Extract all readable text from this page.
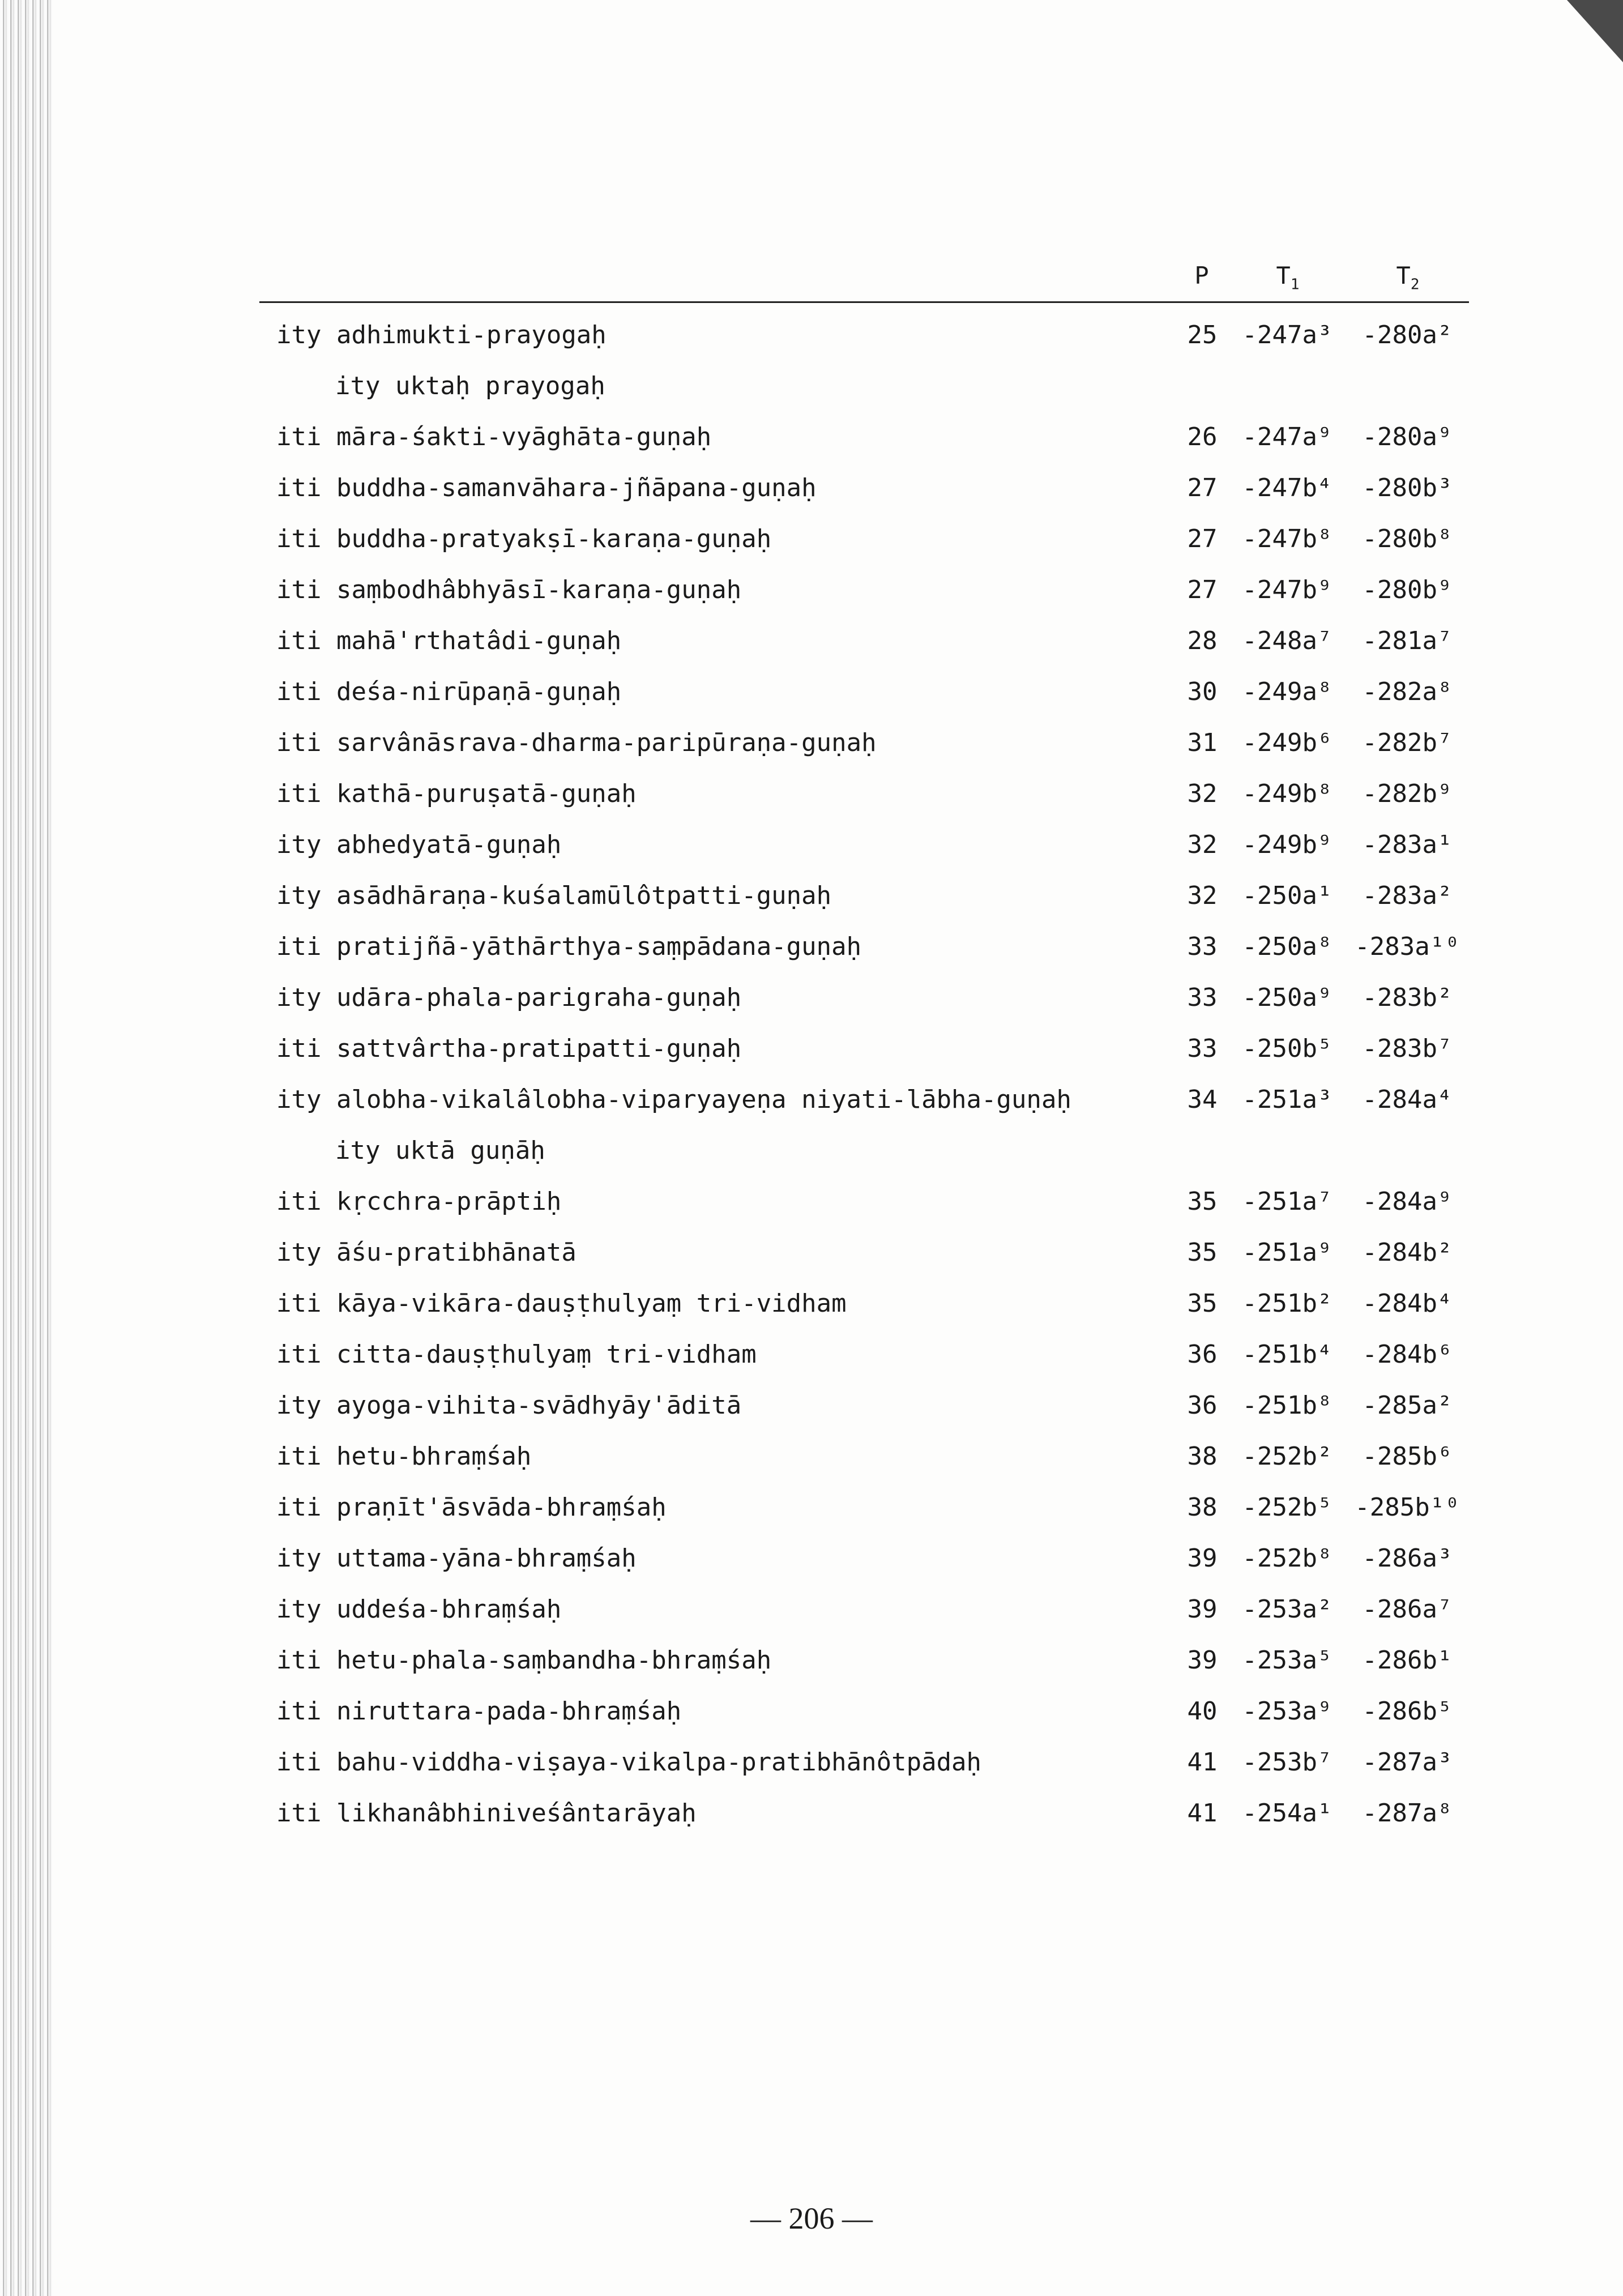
P	$T_1$	$T_2$
ity adhimukti-prayogaḥ	25	-247a³	-280a²
ity uktaḥ prayogaḥ
iti māra-śakti-vyāghāta-guṇaḥ	26	-247a⁹	-280a⁹
iti buddha-samanvāhara-jñāpana-guṇaḥ	27	-247b⁴	-280b³
iti buddha-pratyakṣī-karaṇa-guṇaḥ	27	-247b⁸	-280b⁸
iti saṃbodhâbhyāsī-karaṇa-guṇaḥ	27	-247b⁹	-280b⁹
iti mahā'rthatâdi-guṇaḥ	28	-248a⁷	-281a⁷
iti deśa-nirūpaṇā-guṇaḥ	30	-249a⁸	-282a⁸
iti sarvânāsrava-dharma-paripūraṇa-guṇaḥ	31	-249b⁶	-282b⁷
iti kathā-puruṣatā-guṇaḥ	32	-249b⁸	-282b⁹
ity abhedyatā-guṇaḥ	32	-249b⁹	-283a¹
ity asādhāraṇa-kuśalamūlôtpatti-guṇaḥ	32	-250a¹	-283a²
iti pratijñā-yāthārthya-saṃpādana-guṇaḥ	33	-250a⁸ -283a¹⁰
ity udāra-phala-parigraha-guṇaḥ	33	-250a⁹	-283b²
iti sattvârtha-pratipatti-guṇaḥ	33	-250b⁵	-283b⁷
ity alobha-vikalâlobha-viparyayeṇa niyati-lābha-guṇaḥ	34	-251a³	-284a⁴
ity uktā guṇāḥ
iti kṛcchra-prāptiḥ	35	-251a⁷	-284a⁹
ity āśu-pratibhānatā	35	-251a⁹	-284b²
iti kāya-vikāra-dauṣṭhulyaṃ tri-vidham	35	-251b²	-284b⁴
iti citta-dauṣṭhulyaṃ tri-vidham	36	-251b⁴	-284b⁶
ity ayoga-vihita-svādhyāy'āditā	36	-251b⁸	-285a²
iti hetu-bhraṃśaḥ	38	-252b²	-285b⁶
iti praṇīt'āsvāda-bhraṃśaḥ	38	-252b⁵ -285b¹⁰
ity uttama-yāna-bhraṃśaḥ	39	-252b⁸	-286a³
ity uddeśa-bhraṃśaḥ	39	-253a²	-286a⁷
iti hetu-phala-saṃbandha-bhraṃśaḥ	39	-253a⁵	-286b¹
iti niruttara-pada-bhraṃśaḥ	40	-253a⁹	-286b⁵
iti bahu-viddha-viṣaya-vikalpa-pratibhānôtpādaḥ	41	-253b⁷	-287a³
iti likhanâbhiniveśântarāyaḥ	41	-254a¹	-287a⁸
— 206 —
